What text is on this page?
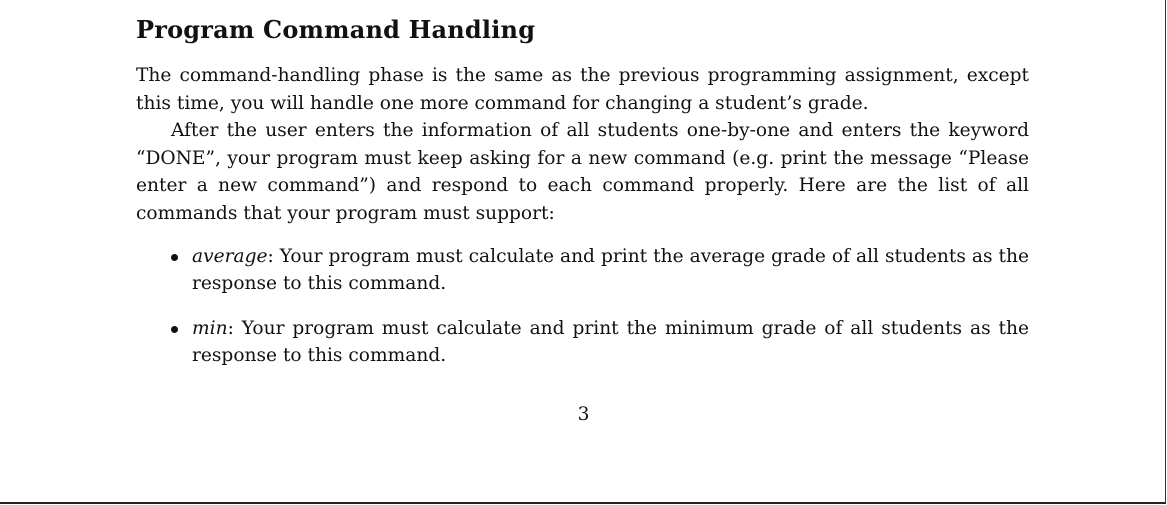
Program Command Handling

The command-handling phase is the same as the previous programming assignment, except this time, you will handle one more command for changing a student’s grade.

After the user enters the information of all students one-by-one and enters the keyword “DONE”, your program must keep asking for a new command (e.g. print the message “Please enter a new command”) and respond to each command properly. Here are the list of all commands that your program must support:

average: Your program must calculate and print the average grade of all students as the response to this command.
min: Your program must calculate and print the minimum grade of all students as the response to this command.
3
